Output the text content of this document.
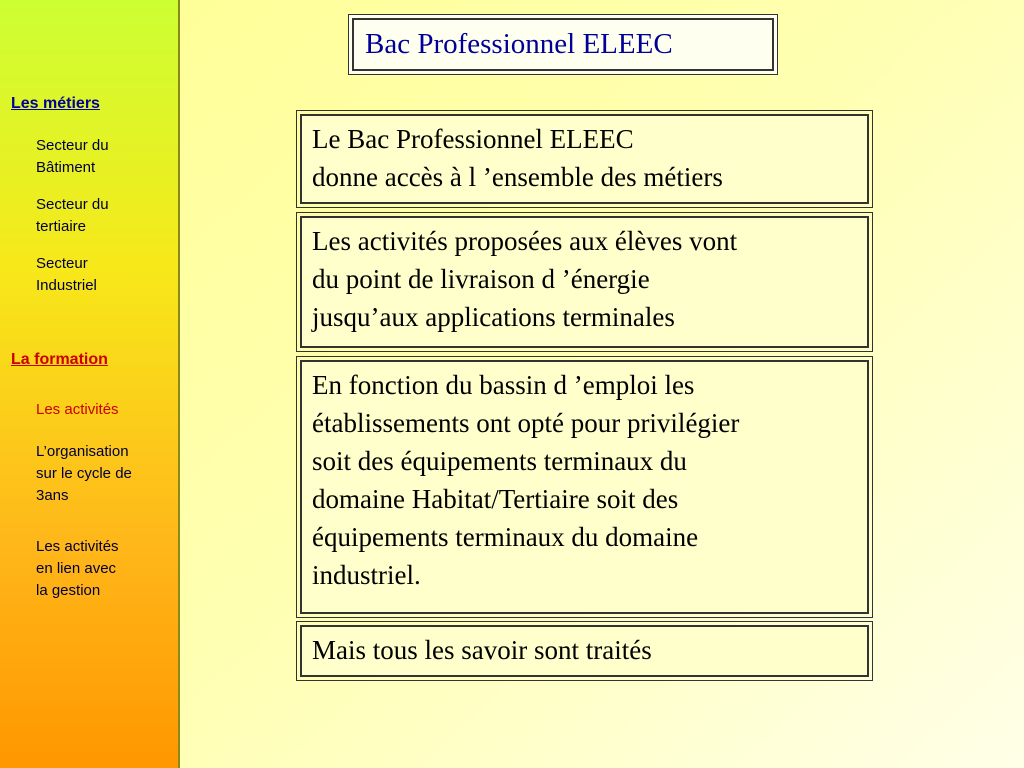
Les métiers

Secteur du
Bâtiment

Secteur du
tertiaire

Secteur
Industriel

La formation

Les activités

L’organisation
sur le cycle de
3ans

Les activités
en lien avec
la gestion

Bac Professionnel ELEEC

Le Bac Professionnel ELEEC

donne accès à l ’ensemble des métiers

Les activités proposées aux élèves vont

du point de livraison d ’énergie

jusqu’aux applications terminales

En fonction du bassin d ’emploi les

établissements ont opté pour privilégier

soit des équipements terminaux du

domaine Habitat/Tertiaire soit des

équipements terminaux du domaine

industriel.

Mais tous les savoir sont traités
